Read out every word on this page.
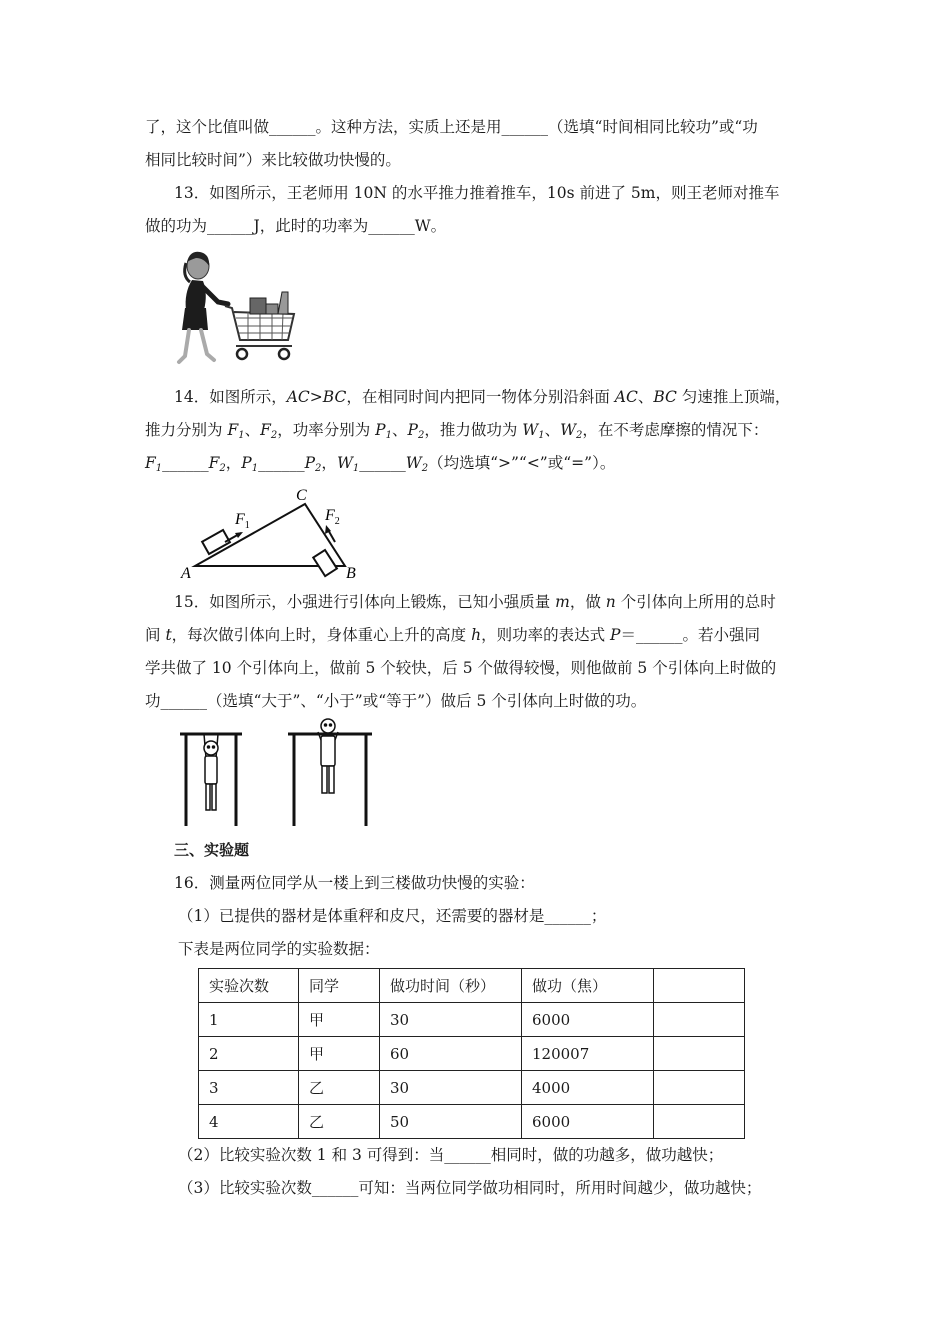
了，这个比值叫做______。这种方法，实质上还是用______（选填“时间相同比较功”或“功
相同比较时间”）来比较做功快慢的。
13．如图所示，王老师用 10N 的水平推力推着推车，10s 前进了 5m，则王老师对推车
做的功为______J，此时的功率为______W。
14．如图所示，AC>BC，在相同时间内把同一物体分别沿斜面 AC、BC 匀速推上顶端，
推力分别为 $F_1$、$F_2$，功率分别为 $P_1$、$P_2$，推力做功为 $W_1$、$W_2$，在不考虑摩擦的情况下：
$F_1\_\_\_\_\_\_F_2$，$P_1\_\_\_\_\_\_P_2$，$W_1\_\_\_\_\_\_W_2$（均选填“>”“<”或“=”）。
A	B
C
$F_1$
$F_2$
15．如图所示，小强进行引体向上锻炼，已知小强质量 m，做 n 个引体向上所用的总时
间 t，每次做引体向上时，身体重心上升的高度 h，则功率的表达式 P＝______。若小强同
学共做了 10 个引体向上，做前 5 个较快，后 5 个做得较慢，则他做前 5 个引体向上时做的
功______（选填“大于”、“小于”或“等于”）做后 5 个引体向上时做的功。
三、实验题
16．测量两位同学从一楼上到三楼做功快慢的实验：
（1）已提供的器材是体重秤和皮尺，还需要的器材是______；
下表是两位同学的实验数据：
实验次数	同学	做功时间（秒）	做功（焦）	
1	甲	30	6000	
2	甲	60	120007	
3	乙	30	4000	
4	乙	50	6000	
（2）比较实验次数 1 和 3 可得到：当______相同时，做的功越多，做功越快；
（3）比较实验次数______可知：当两位同学做功相同时，所用时间越少，做功越快；
